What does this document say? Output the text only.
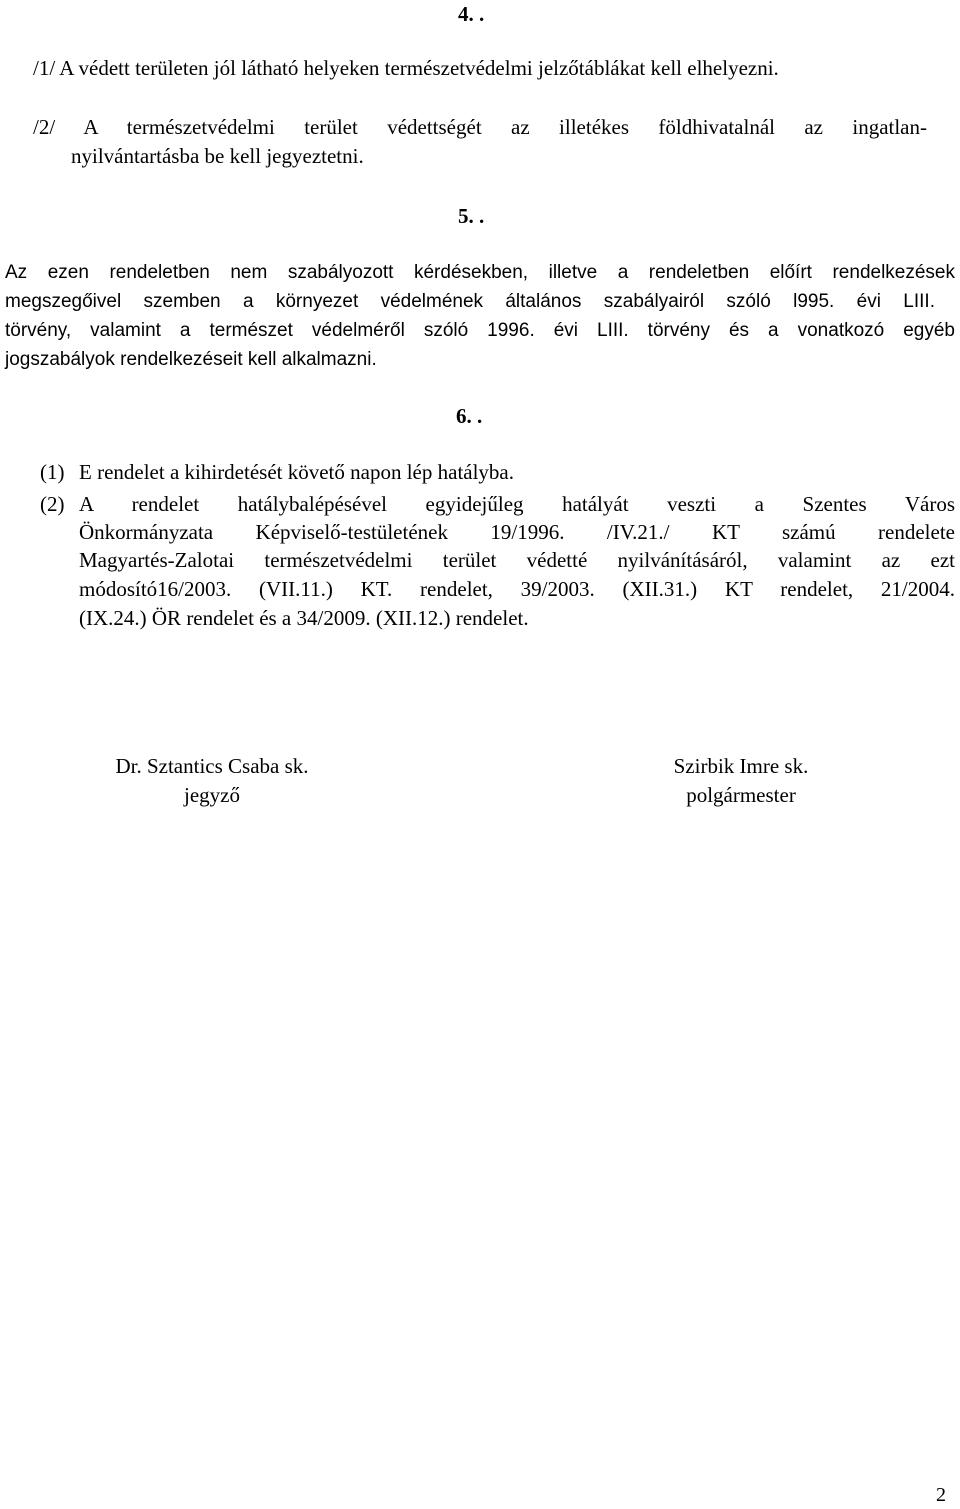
4. .
/1/ A védett területen jól látható helyeken természetvédelmi jelzőtáblákat kell elhelyezni.
/2/ A természetvédelmi terület védettségét az illetékes földhivatalnál az ingatlan-
nyilvántartásba be kell jegyeztetni.
5. .
Az ezen rendeletben nem szabályozott kérdésekben, illetve a rendeletben előírt rendelkezések
megszegőivel szemben a környezet védelmének általános szabályairól szóló l995. évi LIII.
törvény, valamint a természet védelméről szóló 1996. évi LIII. törvény és a vonatkozó egyéb
jogszabályok rendelkezéseit kell alkalmazni.
6. .
(1) E rendelet a kihirdetését követő napon lép hatályba.
(2) A rendelet hatálybalépésével egyidejűleg hatályát veszti a Szentes Város
Önkormányzata Képviselő-testületének 19/1996. /IV.21./ KT számú rendelete
Magyartés-Zalotai természetvédelmi terület védetté nyilvánításáról, valamint az ezt
módosító16/2003. (VII.11.) KT. rendelet, 39/2003. (XII.31.) KT rendelet, 21/2004.
(IX.24.) ÖR rendelet és a 34/2009. (XII.12.) rendelet.
Dr. Sztantics Csaba sk.
jegyző
Szirbik Imre sk.
polgármester
2
